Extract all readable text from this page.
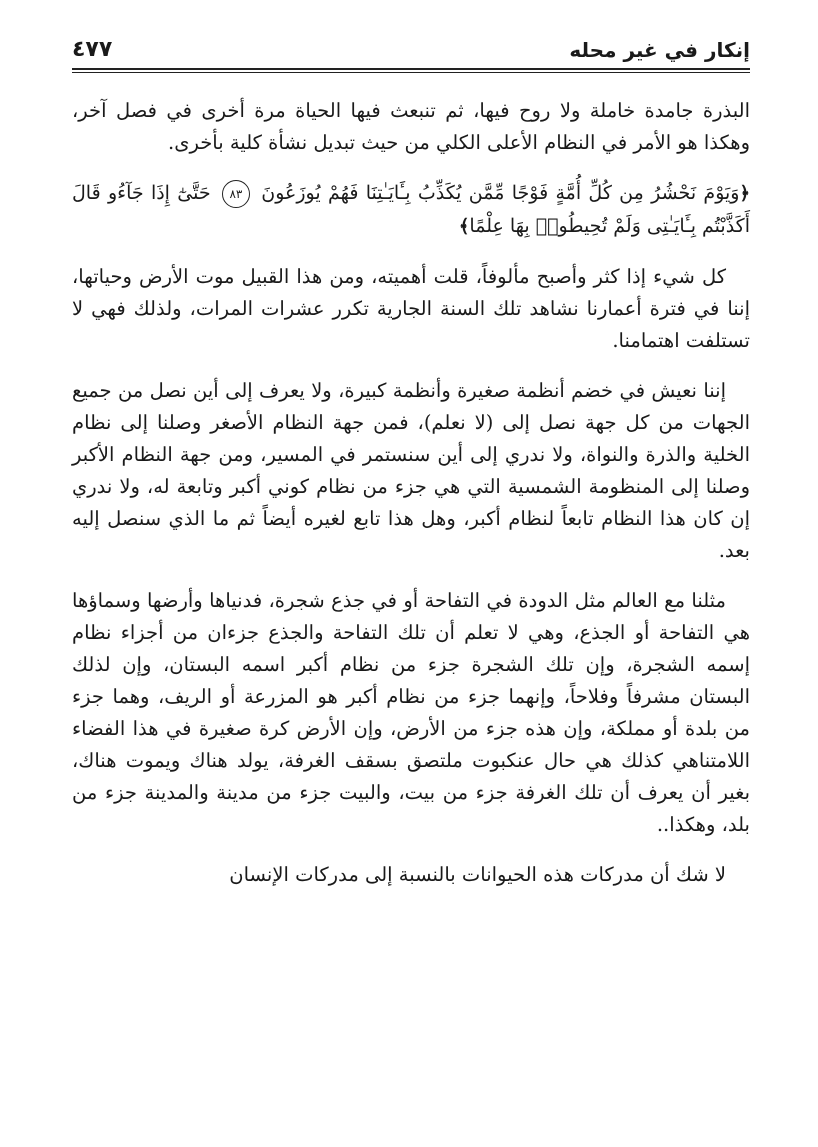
إنكار في غير محله
٤٧٧

البذرة جامدة خاملة ولا روح فيها، ثم تنبعث فيها الحياة مرة أخرى في فصل آخر، وهكذا هو الأمر في النظام الأعلى الكلي من حيث تبديل نشأة كلية بأخرى.

﴿وَيَوْمَ نَحْشُرُ مِن كُلِّ أُمَّةٍ فَوْجًا مِّمَّن يُكَذِّبُ بِـَٔايَـٰتِنَا فَهُمْ يُوزَعُونَ ٨٣ حَتَّىٰٓ إِذَا جَآءُو قَالَ أَكَذَّبْتُم بِـَٔايَـٰتِى وَلَمْ تُحِيطُوا۟ بِهَا عِلْمًا﴾

كل شيء إذا كثر وأصبح مألوفاً، قلت أهميته، ومن هذا القبيل موت الأرض وحياتها، إننا في فترة أعمارنا نشاهد تلك السنة الجارية تكرر عشرات المرات، ولذلك فهي لا تستلفت اهتمامنا.

إننا نعيش في خضم أنظمة صغيرة وأنظمة كبيرة، ولا يعرف إلى أين نصل من جميع الجهات من كل جهة نصل إلى (لا نعلم)، فمن جهة النظام الأصغر وصلنا إلى نظام الخلية والذرة والنواة، ولا ندري إلى أين سنستمر في المسير، ومن جهة النظام الأكبر وصلنا إلى المنظومة الشمسية التي هي جزء من نظام كوني أكبر وتابعة له، ولا ندري إن كان هذا النظام تابعاً لنظام أكبر، وهل هذا تابع لغيره أيضاً ثم ما الذي سنصل إليه بعد.

مثلنا مع العالم مثل الدودة في التفاحة أو في جذع شجرة، فدنياها وأرضها وسماؤها هي التفاحة أو الجذع، وهي لا تعلم أن تلك التفاحة والجذع جزءان من أجزاء نظام إسمه الشجرة، وإن تلك الشجرة جزء من نظام أكبر اسمه البستان، وإن لذلك البستان مشرفاً وفلاحاً، وإنهما جزء من نظام أكبر هو المزرعة أو الريف، وهما جزء من بلدة أو مملكة، وإن هذه جزء من الأرض، وإن الأرض كرة صغيرة في هذا الفضاء اللامتناهي كذلك هي حال عنكبوت ملتصق بسقف الغرفة، يولد هناك ويموت هناك، بغير أن يعرف أن تلك الغرفة جزء من بيت، والبيت جزء من مدينة والمدينة جزء من بلد، وهكذا..

لا شك أن مدركات هذه الحيوانات بالنسبة إلى مدركات الإنسان
